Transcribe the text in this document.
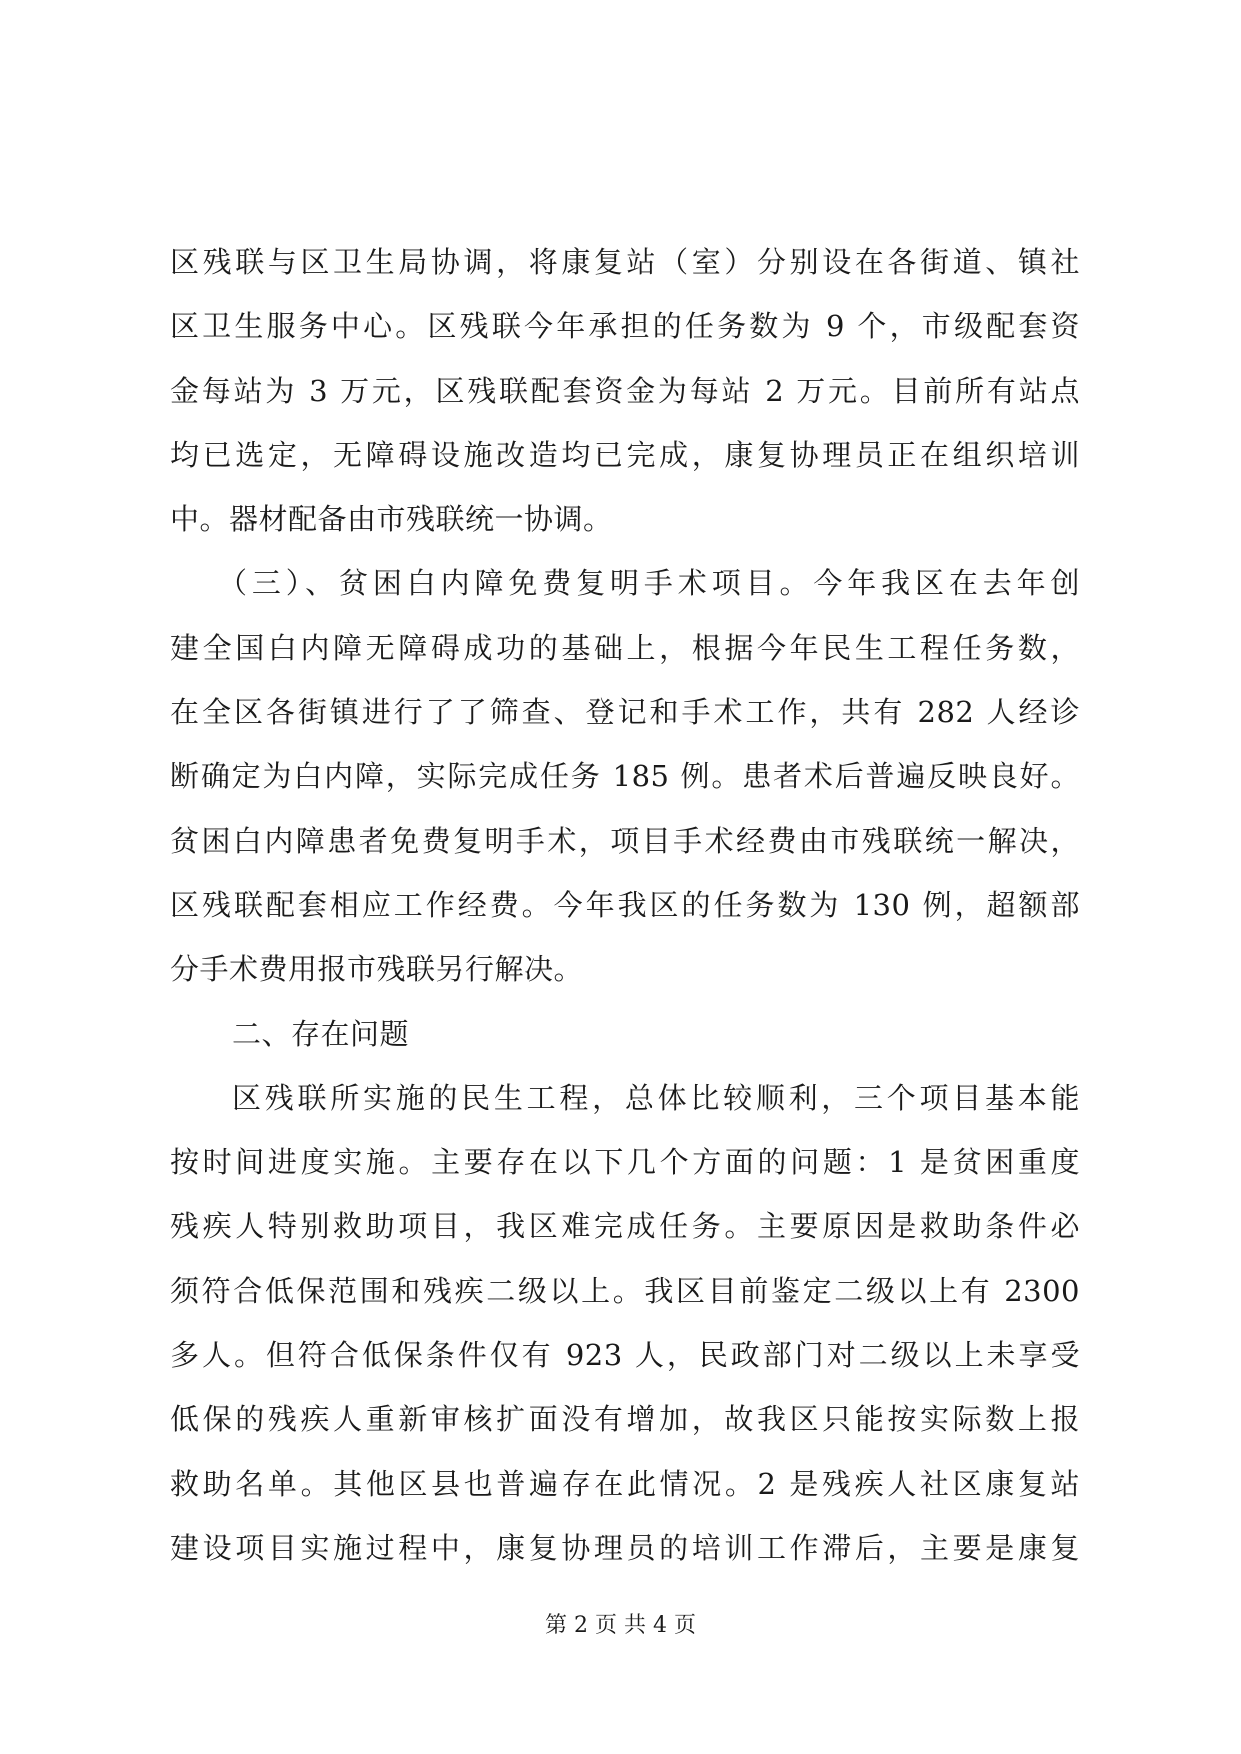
区残联与区卫生局协调，将康复站（室）分别设在各街道、镇社
区卫生服务中心。区残联今年承担的任务数为 9 个，市级配套资
金每站为 3 万元，区残联配套资金为每站 2 万元。目前所有站点
均已选定，无障碍设施改造均已完成，康复协理员正在组织培训
中。器材配备由市残联统一协调。
（三）、贫困白内障免费复明手术项目。今年我区在去年创
建全国白内障无障碍成功的基础上，根据今年民生工程任务数，
在全区各街镇进行了了筛查、登记和手术工作，共有 282 人经诊
断确定为白内障，实际完成任务 185 例。患者术后普遍反映良好。
贫困白内障患者免费复明手术，项目手术经费由市残联统一解决，
区残联配套相应工作经费。今年我区的任务数为 130 例，超额部
分手术费用报市残联另行解决。
二、存在问题
区残联所实施的民生工程，总体比较顺利，三个项目基本能
按时间进度实施。主要存在以下几个方面的问题：1 是贫困重度
残疾人特别救助项目，我区难完成任务。主要原因是救助条件必
须符合低保范围和残疾二级以上。我区目前鉴定二级以上有 2300
多人。但符合低保条件仅有 923 人，民政部门对二级以上未享受
低保的残疾人重新审核扩面没有增加，故我区只能按实际数上报
救助名单。其他区县也普遍存在此情况。2 是残疾人社区康复站
建设项目实施过程中，康复协理员的培训工作滞后，主要是康复
第 2 页 共 4 页
